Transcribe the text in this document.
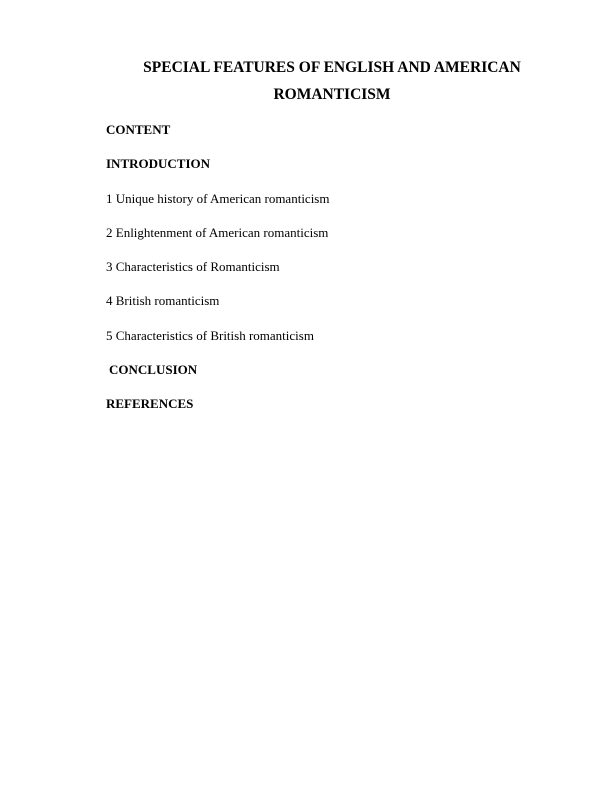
SPECIAL FEATURES OF ENGLISH AND AMERICAN
ROMANTICISM
CONTENT
INTRODUCTION
1 Unique history of American romanticism
2 Enlightenment of American romanticism
3 Characteristics of Romanticism
4 British romanticism
5 Characteristics of British romanticism
CONCLUSION
REFERENCES
